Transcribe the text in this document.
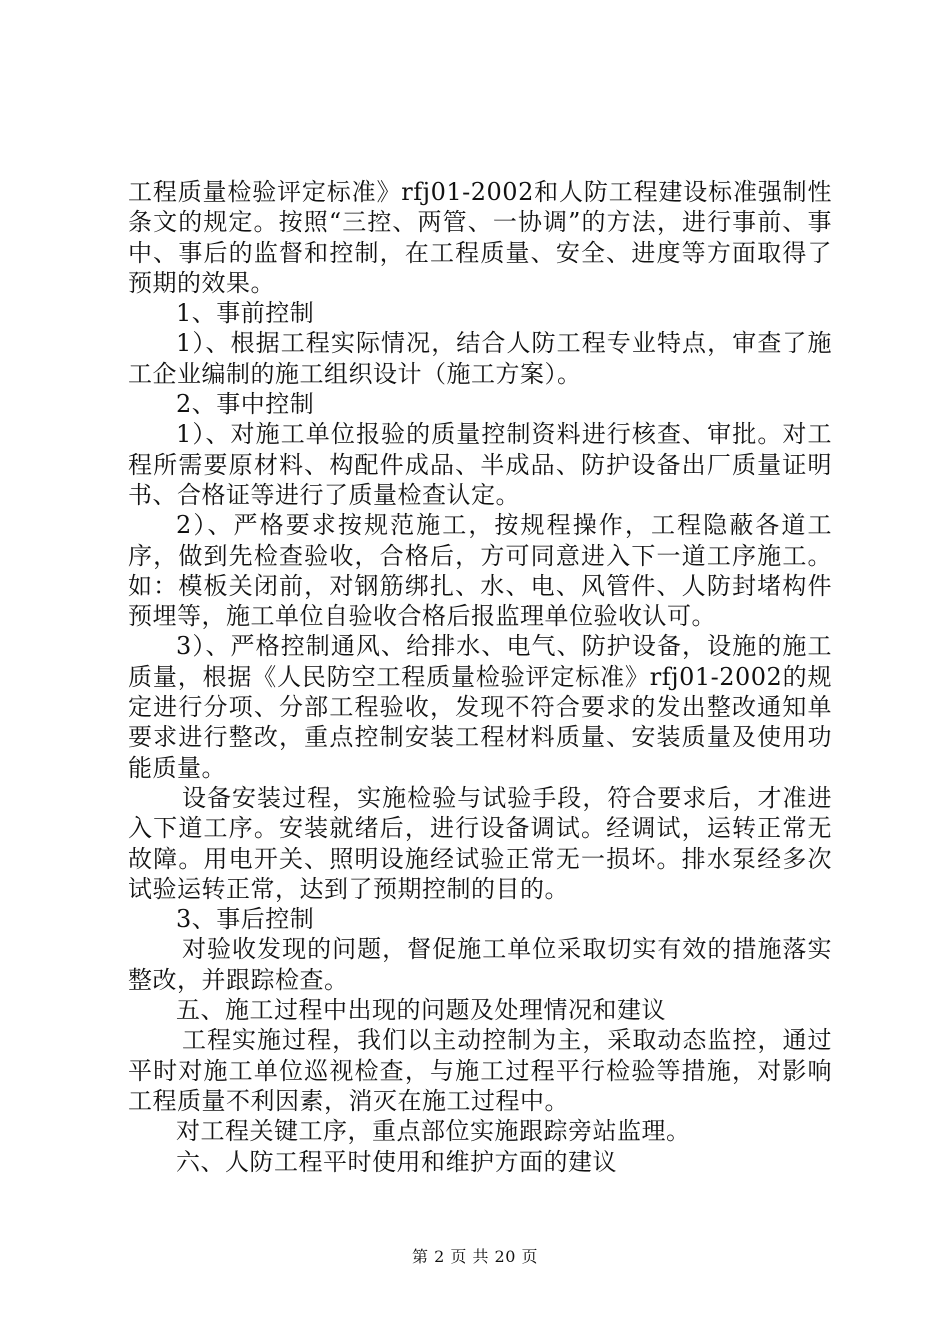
工程质量检验评定标准》rfj01-2002和人防工程建设标准强制性条文的规定。按照“三控、两管、一协调”的方法，进行事前、事中、事后的监督和控制，在工程质量、安全、进度等方面取得了预期的效果。

1、事前控制

1）、根据工程实际情况，结合人防工程专业特点，审查了施工企业编制的施工组织设计（施工方案）。

2、事中控制

1）、对施工单位报验的质量控制资料进行核查、审批。对工程所需要原材料、构配件成品、半成品、防护设备出厂质量证明书、合格证等进行了质量检查认定。

2）、严格要求按规范施工，按规程操作，工程隐蔽各道工序，做到先检查验收，合格后，方可同意进入下一道工序施工。如：模板关闭前，对钢筋绑扎、水、电、风管件、人防封堵构件预埋等，施工单位自验收合格后报监理单位验收认可。

3）、严格控制通风、给排水、电气、防护设备，设施的施工质量，根据《人民防空工程质量检验评定标准》rfj01-2002的规定进行分项、分部工程验收，发现不符合要求的发出整改通知单要求进行整改，重点控制安装工程材料质量、安装质量及使用功能质量。

设备安装过程，实施检验与试验手段，符合要求后，才准进入下道工序。安装就绪后，进行设备调试。经调试，运转正常无故障。用电开关、照明设施经试验正常无一损坏。排水泵经多次试验运转正常，达到了预期控制的目的。

3、事后控制

对验收发现的问题，督促施工单位采取切实有效的措施落实整改，并跟踪检查。

五、施工过程中出现的问题及处理情况和建议

工程实施过程，我们以主动控制为主，采取动态监控，通过平时对施工单位巡视检查，与施工过程平行检验等措施，对影响工程质量不利因素，消灭在施工过程中。

对工程关键工序，重点部位实施跟踪旁站监理。

六、人防工程平时使用和维护方面的建议

第 2 页 共 20 页
